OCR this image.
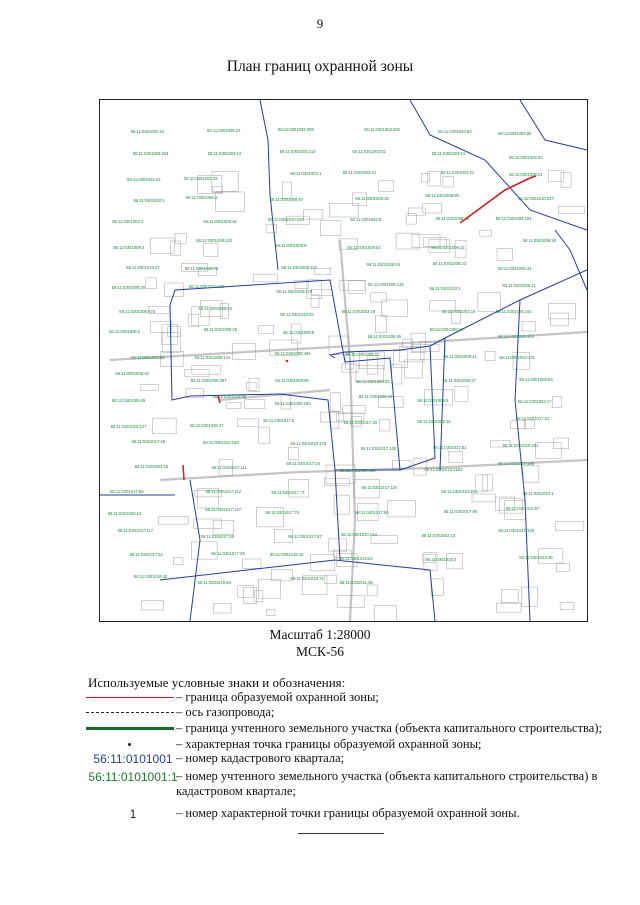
9
План границ охранной зоны
56:11:0301002:24	56:11:0301000:27	56:11:0301003:299	56:11:0301003:282	56:11:0301003:93	56:11:0301003:95
56:11:0301003:254	56:11:0301003:64	56:11:0301003:214	56:11:0301003:62	56:11:0301003:61
56:11:0301003:63
56:11:0301002:23	56:11:0301002:22
56:11:0301003:1	56:11:0301003:41	56:11:0301002:21	56:11:0301008:21
56:11:0301002:5
56:11:0301008:4	56:11:0301008:97	56:11:0301008:33
56:11:0301008:80
56:11:0301010:237
56:11:0301002:3	56:11:0301008:46	56:11:0301010:228	56:11:0301002:8	56:11:0301008:42	56:11:0301008:184
56:11:0301009:3
56:11:0301008:132
56:11:0301008:9	56:11:0301008:53	56:11:0301006:31
56:11:0301008:38
56:11:0301010:27	56:11:0301010:78	56:11:0301006:107
56:11:0301008:44	56:11:0301006:23
56:11:0301006:44
56:11:0301008:25	56:11:0301010:110
56:11:0301006:479
56:11:0301006:135
56:11:0301010:1
56:11:0301006:11
56:11:0301006:475
56:11:0301008:64
56:11:0301010:84	56:11:0301002:18	56:11:0301002:19	56:11:0301006:102
56:11:0301006:2	56:11:0301009:28
56:11:0301006:8
56:11:0301006:45
56:11:0301008:44
56:11:0301010:104
56:11:0301010:86	56:11:0301006:141
56:11:0301006:494	56:11:0301009:22	56:11:0301009:41	56:11:0301010:101
56:11:0301006:34
56:11:0301006:387	56:11:0301009:98	56:11:0301009:52	56:11:0301006:37	56:11:0301006:56
56:11:0301009:49
56:11:0301010:88
56:11:0301006:190
56:11:0301006:44
56:11:0301009:5	56:11:0301002:17
56:11:0301010:127	56:11:0301006:47
56:11:0301017:5	56:11:0301017:40	56:11:0301002:16
56:11:0301017:21
56:11:0301017:48	56:11:0301010:150	56:11:0301010:175
56:11:0301017:130	56:11:0301017:51	56:11:0301010:161
56:11:0301002:15	56:11:0301017:111
56:11:0301017:24
56:11:0301010:168	56:11:0301010:2162
56:11:0301017:108
56:11:0301017:65	56:11:0301017:112	56:11:0301017:71
56:11:0301017:119
56:11:0301010:154	56:11:0301010:1
56:11:0301002:14
56:11:0301017:147
56:11:0301017:79	56:11:0301017:80	56:11:0301017:90
56:11:0301010:57
56:11:0301017:117
56:11:0301017:55	56:11:0301017:57
56:11:0301010:144	56:11:0301002:13
56:11:0301017:146
56:11:0301017:51	56:11:0301017:29	56:11:0301018:42
56:11:0301018:24	56:11:0301018:3	56:11:0301010:35
56:11:0301018:40
56:11:0301018:84
56:11:0301010:71
56:11:0301011:35
Масштаб 1:28000
МСК-56
Используемые условные знаки и обозначения:
– граница образуемой охранной зоны;
– ось газопровода;
– граница учтенного земельного участка (объекта капитального строительства);
– характерная точка границы образуемой охранной зоны;
56:11:0101001 – номер кадастрового квартала;
56:11:0101001:1
– номер учтенного земельного участка (объекта капитального строительства) в кадастровом квартале;
1	– номер характерной точки границы образуемой охранной зоны.
